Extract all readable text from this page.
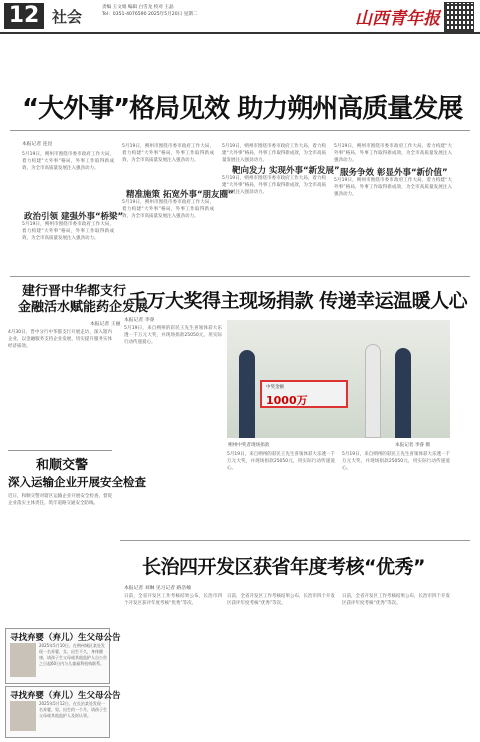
12 社会
责编 王文娟 编辑 白雪龙 校对 王晶
Tel：0351-4076590 2025年5月20日 星期二	山西青年报
“大外事”格局见效 助力朔州高质量发展
本报记者 连昆
5月19日，朔州市围绕市委市政府工作大局，着力构建“大外事”格局，外事工作取得新成效，为全市高质量发展注入强劲动力。
政治引领 建强外事“桥梁”
5月19日，朔州市围绕市委市政府工作大局，着力构建“大外事”格局，外事工作取得新成效，为全市高质量发展注入强劲动力。
5月19日，朔州市围绕市委市政府工作大局，着力构建“大外事”格局，外事工作取得新成效，为全市高质量发展注入强劲动力。
精准施策 拓宽外事“朋友圈”
5月19日，朔州市围绕市委市政府工作大局，着力构建“大外事”格局，外事工作取得新成效，为全市高质量发展注入强劲动力。
5月19日，朔州市围绕市委市政府工作大局，着力构建“大外事”格局，外事工作取得新成效，为全市高质量发展注入强劲动力。
靶向发力 实现外事“新发展”
5月19日，朔州市围绕市委市政府工作大局，着力构建“大外事”格局，外事工作取得新成效，为全市高质量发展注入强劲动力。
5月19日，朔州市围绕市委市政府工作大局，着力构建“大外事”格局，外事工作取得新成效，为全市高质量发展注入强劲动力。
服务争效 彰显外事“新价值”
5月19日，朔州市围绕市委市政府工作大局，着力构建“大外事”格局，外事工作取得新成效，为全市高质量发展注入强劲动力。
建行晋中华都支行
金融活水赋能药企发展
本报记者 王丽
4月30日，晋中分行中华都支行开展走访，深入辖内企业，以金融服务支持企业发展，切实提升服务实体经济质效。
和顺交警
深入运输企业开展安全检查
近日，和顺交警对辖区运输企业开展安全检查，督促企业落实主体责任，筑牢道路交通安全防线。
寻找弃婴（弃儿）生父母公告
2025年5月10日，在朔州城区某处发现一名弃婴，女，出生不久，身体健康，请孩子生父母或其他监护人自公告之日起60日内与儿童福利机构联系。
寻找弃婴（弃儿）生父母公告
2025年5月12日，在长治某处发现一名弃婴，男，出生约一个月，请孩子生父母或其他监护人及时认领。
千万大奖得主现场捐款 传递幸运温暖人心
本报记者 李睿
5月19日，来自朔州的彩民王先生喜领体彩大乐透一千万元大奖，并现场捐款25050元，用实际行动传递爱心。
中奖金额
1000万
朔州中奖者现场捐款	本报记者 李睿 摄
5月19日，来自朔州的彩民王先生喜领体彩大乐透一千万元大奖，并现场捐款25050元，用实际行动传递爱心。
5月19日，来自朔州的彩民王先生喜领体彩大乐透一千万元大奖，并现场捐款25050元，用实际行动传递爱心。
长治四开发区获省年度考核“优秀”
本报记者 刘琳 见习记者 路浩楠
日前，全省开发区工作考核结果公布，长治市四个开发区获评年度考核“优秀”等次。
日前，全省开发区工作考核结果公布，长治市四个开发区获评年度考核“优秀”等次。
日前，全省开发区工作考核结果公布，长治市四个开发区获评年度考核“优秀”等次。
